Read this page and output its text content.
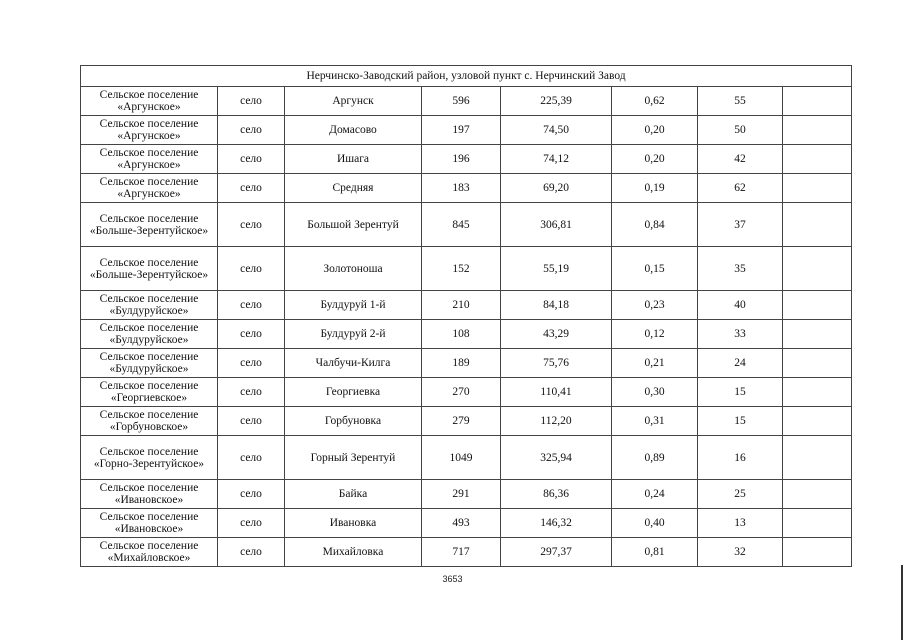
Нерчинско-Заводский район, узловой пункт с. Нерчинский Завод							
Сельское поселение «Аргунское»	село	Аргунск	596	225,39	0,62	55	
Сельское поселение «Аргунское»	село	Домасово	197	74,50	0,20	50	
Сельское поселение «Аргунское»	село	Ишага	196	74,12	0,20	42	
Сельское поселение «Аргунское»	село	Средняя	183	69,20	0,19	62	
Сельское поселение «Больше-Зерентуйское»	село	Большой Зерентуй	845	306,81	0,84	37	
Сельское поселение «Больше-Зерентуйское»	село	Золотоноша	152	55,19	0,15	35	
Сельское поселение «Булдуруйское»	село	Булдуруй 1-й	210	84,18	0,23	40	
Сельское поселение «Булдуруйское»	село	Булдуруй 2-й	108	43,29	0,12	33	
Сельское поселение «Булдуруйское»	село	Чалбучи-Килга	189	75,76	0,21	24	
Сельское поселение «Георгиевское»	село	Георгиевка	270	110,41	0,30	15	
Сельское поселение «Горбуновское»	село	Горбуновка	279	112,20	0,31	15	
Сельское поселение «Горно-Зерентуйское»	село	Горный Зерентуй	1049	325,94	0,89	16	
Сельское поселение «Ивановское»	село	Байка	291	86,36	0,24	25	
Сельское поселение «Ивановское»	село	Ивановка	493	146,32	0,40	13	
Сельское поселение «Михайловское»	село	Михайловка	717	297,37	0,81	32	
3653
